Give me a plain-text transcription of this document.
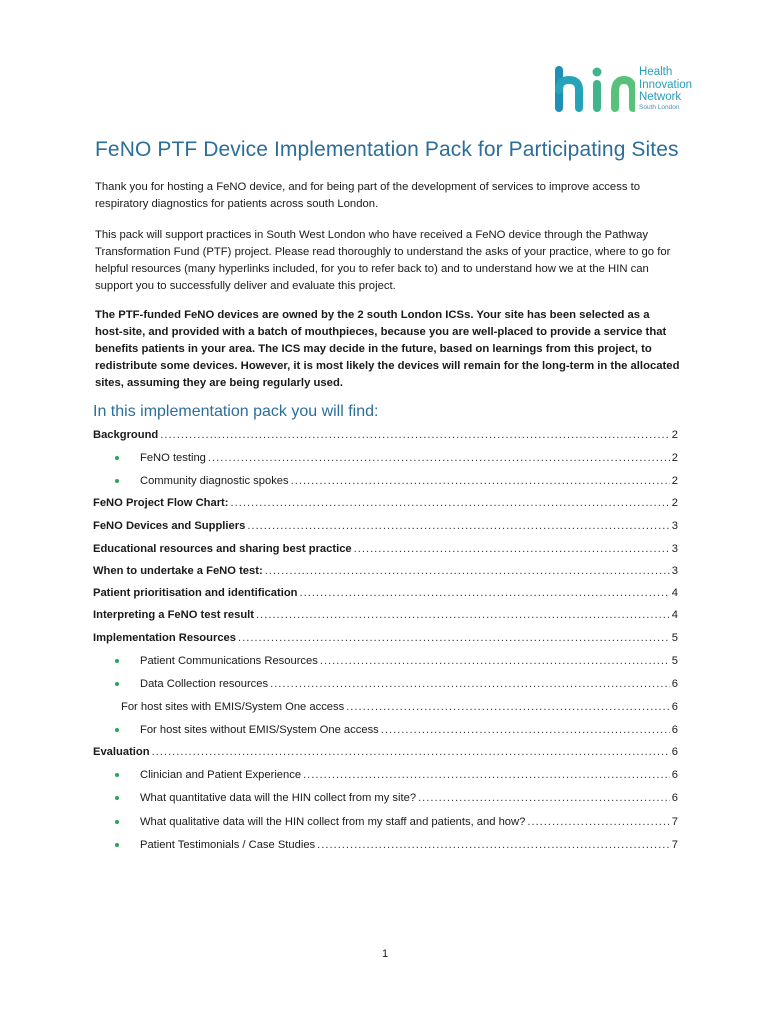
Health
Innovation
Network
South London
FeNO PTF Device Implementation Pack for Participating Sites

Thank you for hosting a FeNO device, and for being part of the development of services to improve access to respiratory diagnostics for patients across south London.

This pack will support practices in South West London who have received a FeNO device through the Pathway Transformation Fund (PTF) project. Please read thoroughly to understand the asks of your practice, where to go for helpful resources (many hyperlinks included, for you to refer back to) and to understand how we at the HIN can support you to successfully deliver and evaluate this project.

The PTF-funded FeNO devices are owned by the 2 south London ICSs. Your site has been selected as a host-site, and provided with a batch of mouthpieces, because you are well-placed to provide a service that benefits patients in your area. The ICS may decide in the future, based on learnings from this project, to redistribute some devices. However, it is most likely the devices will remain for the long-term in the allocated sites, assuming they are being regularly used.

In this implementation pack you will find:
Background .....	2
FeNO testing .....	2
Community diagnostic spokes .....	2
FeNO Project Flow Chart: .....	2
FeNO Devices and Suppliers .....	3
Educational resources and sharing best practice .....	3
When to undertake a FeNO test: .....	3
Patient prioritisation and identification .....	4
Interpreting a FeNO test result .....	4
Implementation Resources .....	5
Patient Communications Resources .....	5
Data Collection resources .....	6
For host sites with EMIS/System One access .....	6
For host sites without EMIS/System One access .....	6
Evaluation .....	6
Clinician and Patient Experience .....	6
What quantitative data will the HIN collect from my site? .....	6
What qualitative data will the HIN collect from my staff and patients, and how? .....	7
Patient Testimonials / Case Studies .....	7
1
